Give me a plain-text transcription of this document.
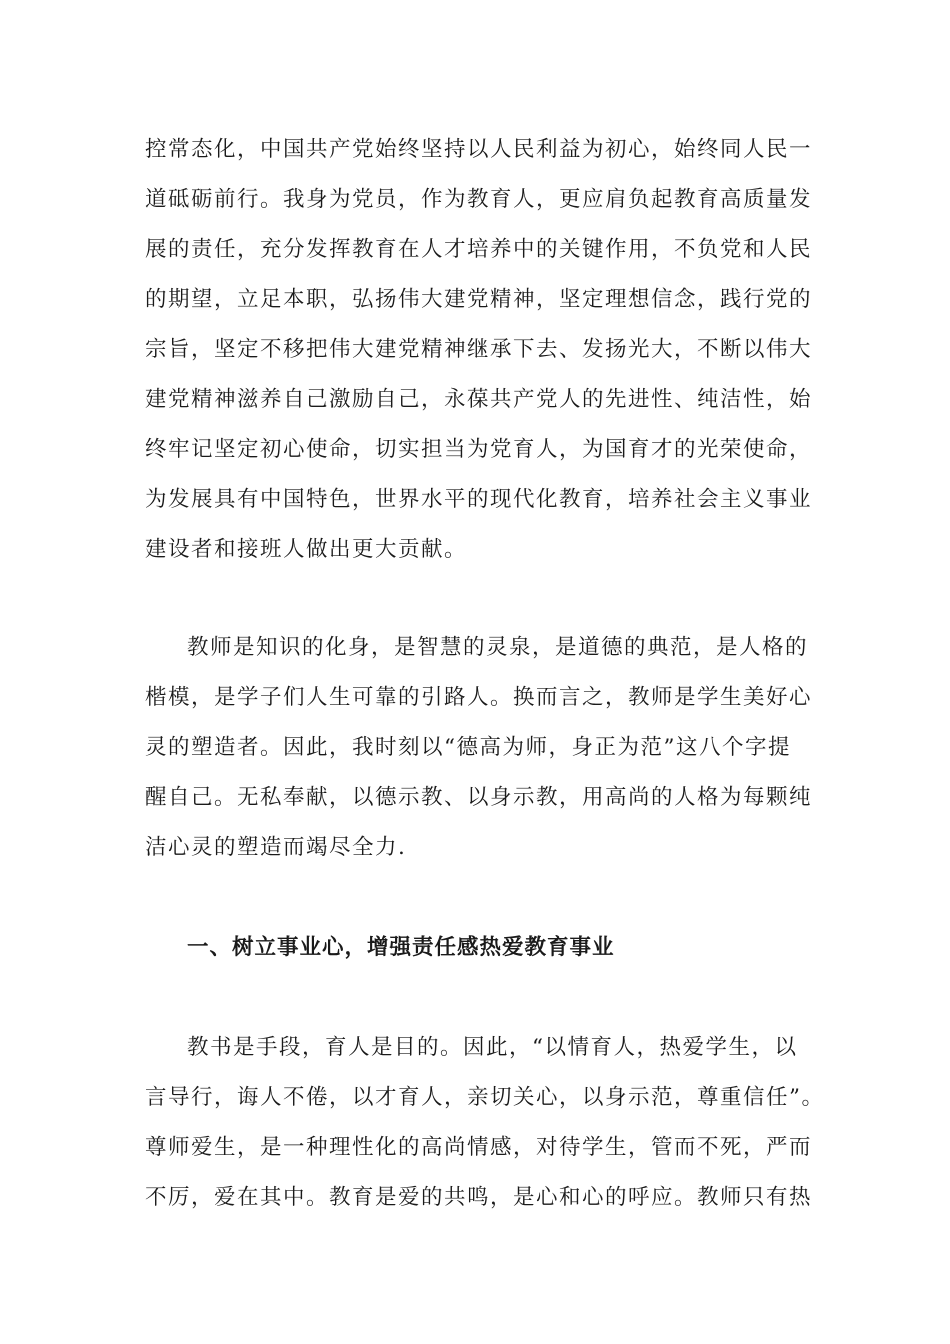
控常态化，中国共产党始终坚持以人民利益为初心，始终同人民一
道砥砺前行。我身为党员，作为教育人，更应肩负起教育高质量发
展的责任，充分发挥教育在人才培养中的关键作用，不负党和人民
的期望，立足本职，弘扬伟大建党精神，坚定理想信念，践行党的
宗旨，坚定不移把伟大建党精神继承下去、发扬光大，不断以伟大
建党精神滋养自己激励自己，永葆共产党人的先进性、纯洁性，始
终牢记坚定初心使命，切实担当为党育人，为国育才的光荣使命，
为发展具有中国特色，世界水平的现代化教育，培养社会主义事业
建设者和接班人做出更大贡献。
教师是知识的化身，是智慧的灵泉，是道德的典范，是人格的
楷模，是学子们人生可靠的引路人。换而言之，教师是学生美好心
灵的塑造者。因此，我时刻以“德高为师，身正为范”这八个字提
醒自己。无私奉献，以德示教、以身示教，用高尚的人格为每颗纯
洁心灵的塑造而竭尽全力.
一、树立事业心，增强责任感热爱教育事业
教书是手段，育人是目的。因此，“以情育人，热爱学生，以
言导行，诲人不倦，以才育人，亲切关心，以身示范，尊重信任”。
尊师爱生，是一种理性化的高尚情感，对待学生，管而不死，严而
不厉，爱在其中。教育是爱的共鸣，是心和心的呼应。教师只有热
